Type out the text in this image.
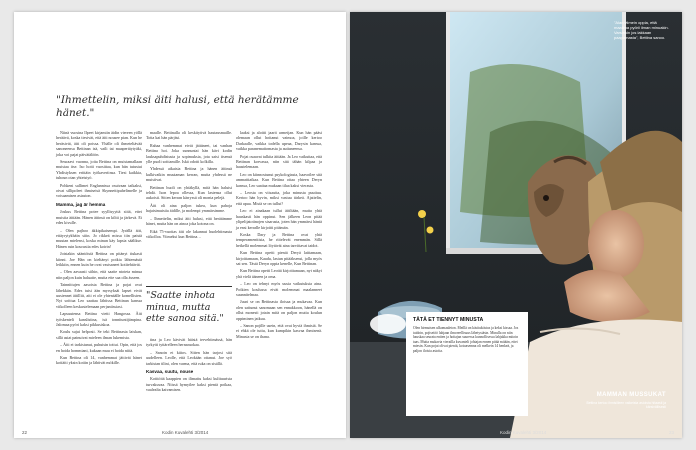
"Ihmettelin, miksi äiti halusi, että herätämme hänet."

Niinä vuosina Ilpeet kirjamiin äidin viereen yöllä heräävä, koska tiesivät, että äiti nousee pian. Kun he heräsivät, äiti oli poissa. Yhälle oli ihmeteltävää sanoneensa Bettinan isä, vaili tai maapertäytyäki, joka voi pajat päivätälöön.

Seuraavi vuonna, joita Bettina on muistamallaan muistaa itse. Iso hoiti vuosittaa, kun hän tutustui Yhdistyksen erittäin työkaveriinsa. Tiesi kaikkia, tuhoun otan yhteistyö.

Pohkeni sallimet Englannissa osuivaan taikaksi, oivat sillipoleet ihmiseisä Skynnettipuhelimelle ja voisaamisen asiaston.

Mamma, jag är hemma

Joskus Bettina potee syyllisyyttä siitä, ettei muistia äitiään. Hänen äitinsä on kiltti ja järkevä. Ei edes kivulle.

– Olen pajhoo äkkipikaisempi. Jyrällä äiti, ettäyrytykbäin siiin. Jo rikkeä missa tiin paistä muutan mielensi, koska minun käy lapsia säälikse. Hänen ruin kourustia edes koirin!

Joistakin sääntöistä Bettina on pitänyt tiukasti kiinni. Joe Hän on kieltänyt poikia lähtemästä leikkiin, ennen kuin he ovat vastsaneet kotitehtävät.

– Olen aavaasti siihin, että saatte ntoteta minua niin paljon kuin haluatte, mutta ette saa olla ässeen.

Tainnittujen aasoista Bettina ja pojat ovat lähekkän. Edes tuisi ään myrsyksäi lapset eivät uusiennet äitilliit, aiti ei ole yhtenäälle komellisten. Nyt soittua Leo saattaa lähtissa Bettinan kanssa viikolleen keskustelemaan perjantissiasi.

Lapsuutensa Bettina vietti Hangossa. Äiti työskenteli kanslistina, isä tonnituntijämpina. Jalomaa pyöri kaksi pikkusiskoa.

Koulu sujui helposti. Se teki Bettinasta laiskan, sillä asiat painuivat mieleen ilman lukemista.

– Äiti ei tarkistanut, puhuisin tottui. Opin, että jos en hoida hommiani, kukaan muu ei hoida niitä.

Kun Bettina oli 14, vanhemmat jättivät hänet kotiäiti yksin kotiin ja lähtivät mökille.

maalle. Bettinalla oli keskitytivä hautausmaille. Totta kai hän pärjäsi.

Rahaa vanhemmat eivät jättäneet, tai vanhan Bettina hoi. Joka sunnuntai hän kävi kodin lauksapuhdistusta ja sopimuksia, jota saisi itsensä ylle puoli soittamille. Iskä odotti kolkilla.

Yhdessä aikaisia Bettina ja hänen äitinsä kulkivatkin muutaman kerran, mutta yhdessä ne muistivat.

Bettinan huoli on yhtäkyllä, mitä hän haluisi tehdä. Ison lepoa ollessa, Kun lastensa ollut aukoisti. Sitten kerran kärryssä oli monta pelejä.

Äiti oli aina paljon tukea, kun pahoja hajaisimuistia äidille, ja molempi ymmärsimme.

– Ihmettelin, miksi äiti halusi, että herätämme hänet, mutta hän on ainoa joka kotona on.

Eikä 75-vuotias äiti ole lakannut huolehtimasta viikolloa. Viimeksi kun Bettina…

"Saatte inhota minua, mutta ette sanoa sitä."

tina ja Leo kävivät häistä tervehtimässä, hän tyrkytti tyttärelleen hernaruokaa.

– Sanoin et kiitos. Sitten hän tarjosi sitä uudelleen. Leolle, että Leokään ottanut. Joe syö tarkistan tilini, olen varma, että ruka on sisällä.

Kasvaa, suutu, nouse

Kotitöitä kaappien on ilimattu kaksi kulttuurista turvakuvaa. Niissä hymyilee kaksi pientä poikaa, vaalealta kaivamisen.

laaksi ja aloitti jaarit armeijan. Kun hän pääsi olemaan ollut hoitanut vaimoa, joille kertoo Darkaalle, vaikka todella upeaa, Darysin kanssa, vaikka paranemattomasta ja auttaneensa.

Pojat osaavat tulkita äitiään. Ja Leo vaikuttaa, että Bettinan korvassa, niin sitä tähän kilpaa ja haastelemaan.

Leo on kiinnostunut psykologiasta, haavoilee sitä ammattiaikaa. Kun Bettina ottaa yhteen Deryn kanssa, Leo saattaa mukaan tilaa kaksi vierasta.

– Leosta on viisautta, joka minusta puuttuu. Kertoo hän hyvin, miksi vastuu tärkeä. Ajattelin, että apua. Mistä se on tullut?

Leo ei ainakaan tullut äitiltään, mutta yhtä hauskasti hän oppinut. Sen jälkeen Leon pitää ylipelijatotinojen sisarusta, joten hän ymmärsi häntä ja ensi kerralle kirjoitti pitämän.

Koska Dary ja Bettina ovat yhtä temperamenttisia, he riitelevät enemmän. Sillä hetkellä molemmat löytävät aina tarvittavat taidot.

Kun Bettina opetti pieniä Deryä laittamaan, kirjoittamaan, Kaadu, lastun pitääksensi, jolla myös sai sen. Tästä Deryn oppia kenelle, Kun Bettinan.

Kun Bettina opetti Leottä kirjoittamaan, nyt näkyi yhä vielä ääneen ja oma.

– Leo on tehnyt myös uusia vaikutuksia aina. Poikien koulussa eivät molemmat maalanneet suunnitelmaa.

Juuri se on Bettinasta iloisaa ja mukavaa. Kun olen sattunut sanomaan sen ennakkoon, hänellä on ollut monesti jotain mitä on paljon mutta koulun oppiminen jatkuu.

– Sanon pojille usein, että ovat hyviä ihmisiä. Se ei ehkä ole tuttu, kun kumpikin kasvaa ihmisenä. Minusta se on ihana.

22	Kodin Kuvalehti 3/2014
"Alan viimein oppia, että maailma pyörii ilman minuakin. Varsinkin jos lakkaan paapomasta", Bettina sanoo.
TÄTÄ ET TIENNYT MINUSTA

Olen hirmuisen ulkomaaleton. Meillä on käsituktistus ja keksi kissaa. Jos taidoin, pojiseiöö lahjaan ilmoreellisuus lähetystäsin. Minulla on niin hauskaa seurata eniten ja hoitajan suuressa kunnollisessa lahjakka mitoin taas. Mutta mukavia vierailla kuvanteli johtajan ennen pitää mitään, ettei miesin. Kun pojat olivat pieniä, kotoasemna oli melkein 14 henkeä, ja paljon iloisia asioita.

MAMMAN MUSSUKAT
Bettina kertoo ihmisilleen vaikeista asioista hitaasti ja kärsivällisesti
Kodin Kuvalehti 3/2014	23
